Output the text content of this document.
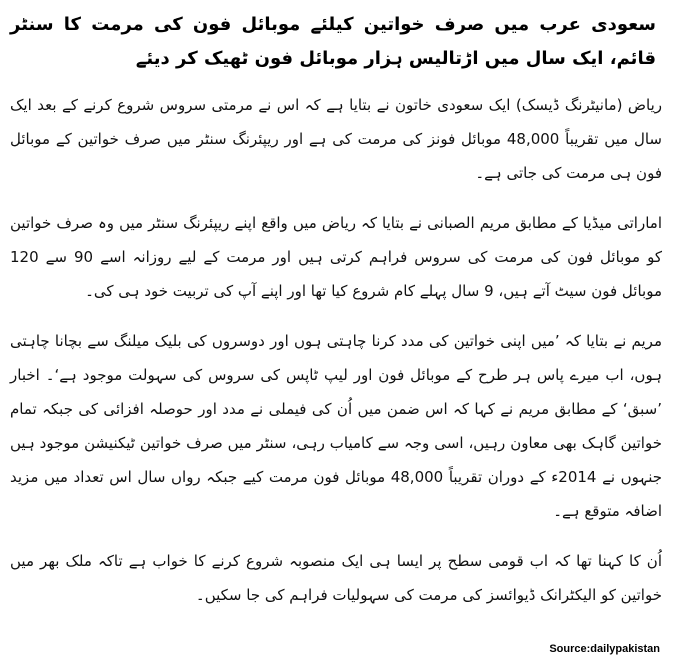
سعودی عرب میں صرف خواتین کیلئے موبائل فون کی مرمت کا سنٹر قائم، ایک سال میں اڑتالیس ہزار موبائل فون ٹھیک کر دیئے
ریاض (مانیٹرنگ ڈیسک) ایک سعودی خاتون نے بتایا ہے کہ اس نے مرمتی سروس شروع کرنے کے بعد ایک سال میں تقریباً 48,000 موبائل فونز کی مرمت کی ہے اور ریپئرنگ سنٹر میں صرف خواتین کے موبائل فون ہی مرمت کی جاتی ہے۔
اماراتی میڈیا کے مطابق مریم الصبانی نے بتایا کہ ریاض میں واقع اپنے ریپئرنگ سنٹر میں وہ صرف خواتین کو موبائل فون کی مرمت کی سروس فراہم کرتی ہیں اور مرمت کے لیے روزانہ اسے 90 سے 120 موبائل فون سیٹ آتے ہیں، 9 سال پہلے کام شروع کیا تھا اور اپنے آپ کی تربیت خود ہی کی۔
مریم نے بتایا کہ ’میں اپنی خواتین کی مدد کرنا چاہتی ہوں اور دوسروں کی بلیک میلنگ سے بچانا چاہتی ہوں، اب میرے پاس ہر طرح کے موبائل فون اور لیپ ٹاپس کی سروس کی سہولت موجود ہے‘۔ اخبار ’سبق‘ کے مطابق مریم نے کہا کہ اس ضمن میں اُن کی فیملی نے مدد اور حوصلہ افزائی کی جبکہ تمام خواتین گاہک بھی معاون رہیں، اسی وجہ سے کامیاب رہی، سنٹر میں صرف خواتین ٹیکنیشن موجود ہیں جنہوں نے 2014ء کے دوران تقریباً 48,000 موبائل فون مرمت کیے جبکہ رواں سال اس تعداد میں مزید اضافہ متوقع ہے۔
اُن کا کہنا تھا کہ اب قومی سطح پر ایسا ہی ایک منصوبہ شروع کرنے کا خواب ہے تاکہ ملک بھر میں خواتین کو الیکٹرانک ڈیوائسز کی مرمت کی سہولیات فراہم کی جا سکیں۔
Source:dailypakistan
